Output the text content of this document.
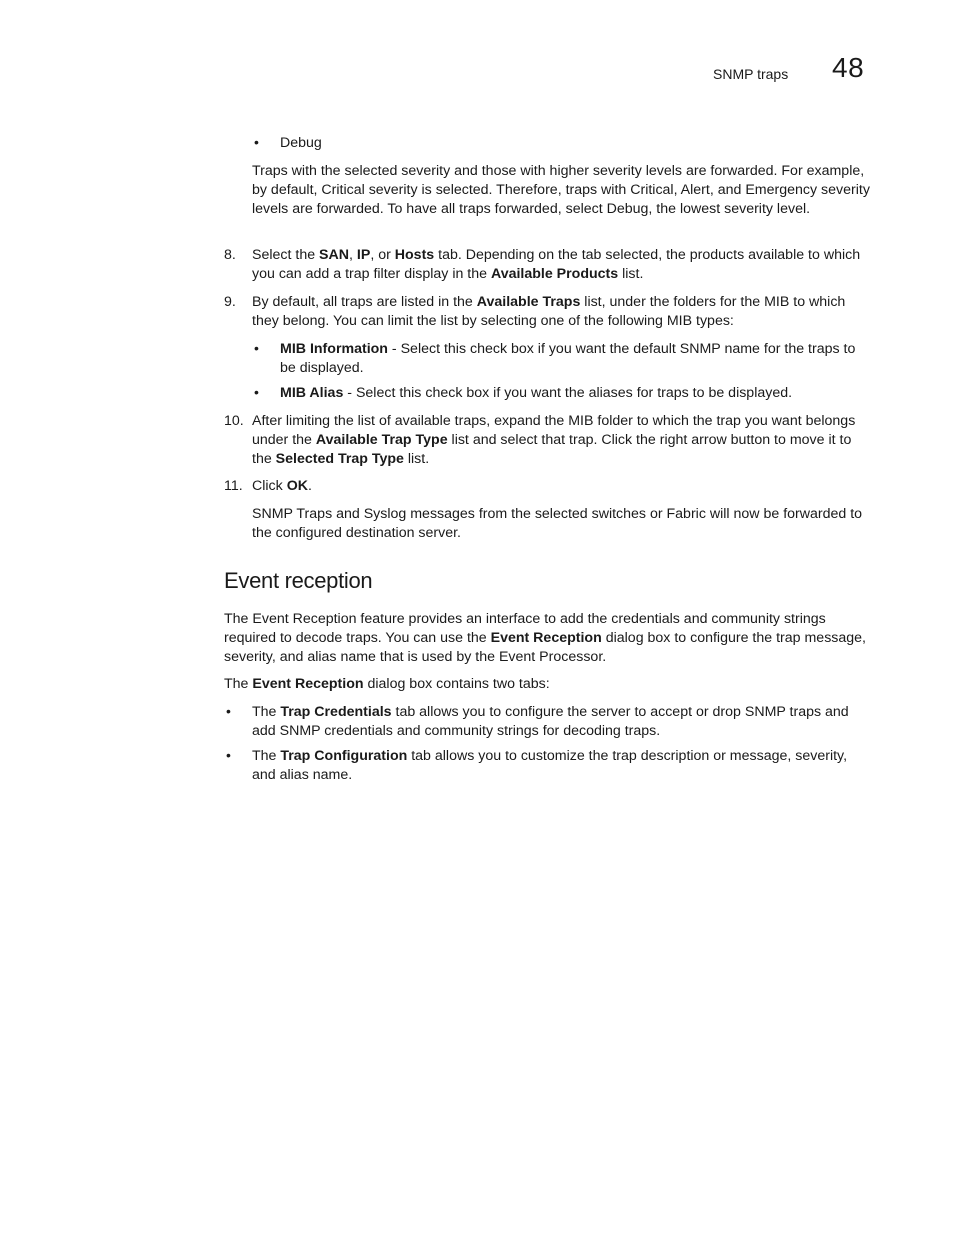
SNMP traps 48
• Debug

Traps with the selected severity and those with higher severity levels are forwarded. For example, by default, Critical severity is selected. Therefore, traps with Critical, Alert, and Emergency severity levels are forwarded. To have all traps forwarded, select Debug, the lowest severity level.

8. Select the SAN, IP, or Hosts tab. Depending on the tab selected, the products available to which you can add a trap filter display in the Available Products list.

9. By default, all traps are listed in the Available Traps list, under the folders for the MIB to which they belong. You can limit the list by selecting one of the following MIB types:

• MIB Information - Select this check box if you want the default SNMP name for the traps to be displayed.

• MIB Alias - Select this check box if you want the aliases for traps to be displayed.

10. After limiting the list of available traps, expand the MIB folder to which the trap you want belongs under the Available Trap Type list and select that trap. Click the right arrow button to move it to the Selected Trap Type list.

11. Click OK.

SNMP Traps and Syslog messages from the selected switches or Fabric will now be forwarded to the configured destination server.

Event reception

The Event Reception feature provides an interface to add the credentials and community strings required to decode traps. You can use the Event Reception dialog box to configure the trap message, severity, and alias name that is used by the Event Processor.

The Event Reception dialog box contains two tabs:

• The Trap Credentials tab allows you to configure the server to accept or drop SNMP traps and add SNMP credentials and community strings for decoding traps.

• The Trap Configuration tab allows you to customize the trap description or message, severity, and alias name.
